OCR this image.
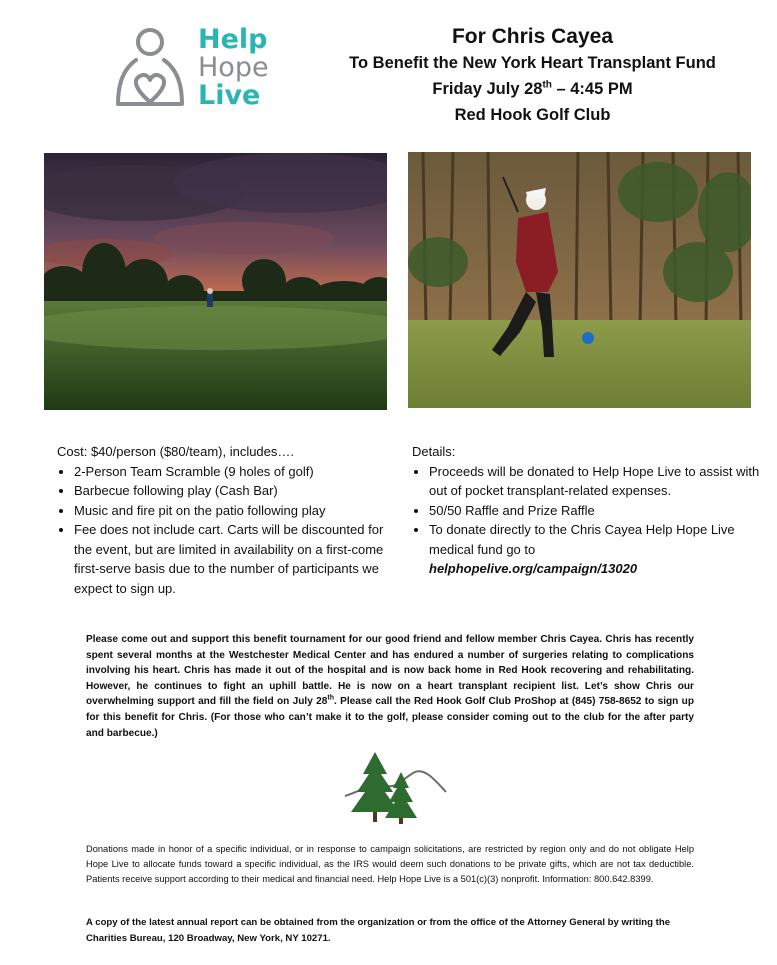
Help
Hope
Live
For Chris Cayea
To Benefit the New York Heart Transplant Fund
Friday July 28th – 4:45 PM
Red Hook Golf Club
Cost: $40/person ($80/team), includes….
• 2-Person Team Scramble (9 holes of golf)
• Barbecue following play (Cash Bar)
• Music and fire pit on the patio following play
• Fee does not include cart. Carts will be discounted for the event, but are limited in availability on a first-come first-serve basis due to the number of participants we expect to sign up.
Details:
• Proceeds will be donated to Help Hope Live to assist with out of pocket transplant-related expenses.
• 50/50 Raffle and Prize Raffle
• To donate directly to the Chris Cayea Help Hope Live medical fund go to
helphopelive.org/campaign/13020
Please come out and support this benefit tournament for our good friend and fellow member Chris Cayea. Chris has recently spent several months at the Westchester Medical Center and has endured a number of surgeries relating to complications involving his heart. Chris has made it out of the hospital and is now back home in Red Hook recovering and rehabilitating. However, he continues to fight an uphill battle. He is now on a heart transplant recipient list. Let’s show Chris our overwhelming support and fill the field on July 28th. Please call the Red Hook Golf Club ProShop at (845) 758-8652 to sign up for this benefit for Chris. (For those who can’t make it to the golf, please consider coming out to the club for the after party and barbecue.)
Donations made in honor of a specific individual, or in response to campaign solicitations, are restricted by region only and do not obligate Help Hope Live to allocate funds toward a specific individual, as the IRS would deem such donations to be private gifts, which are not tax deductible. Patients receive support according to their medical and financial need. Help Hope Live is a 501(c)(3) nonprofit. Information: 800.642.8399.
A copy of the latest annual report can be obtained from the organization or from the office of the Attorney General by writing the Charities Bureau, 120 Broadway, New York, NY 10271.
